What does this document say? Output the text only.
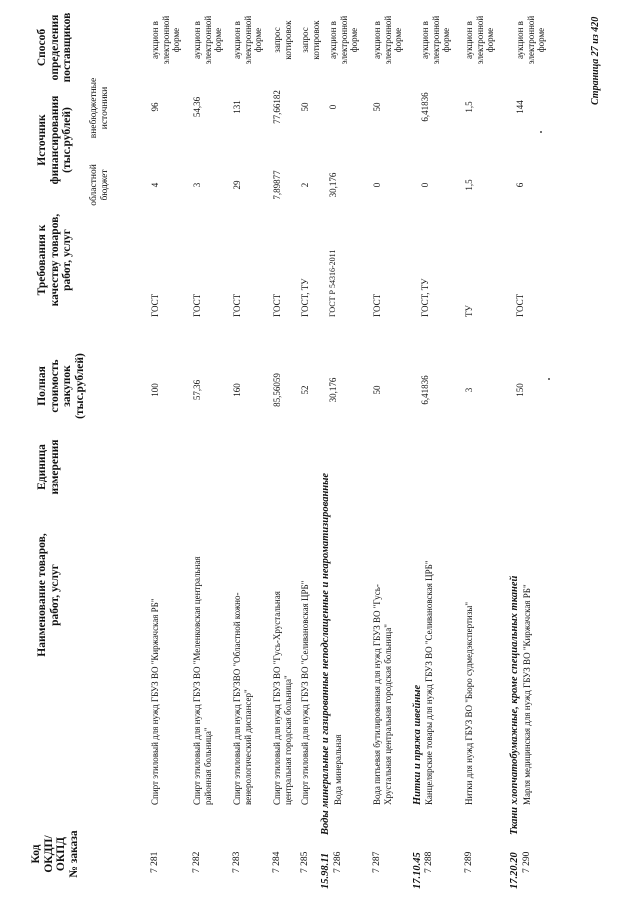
Код ОКДП/ ОКПД № заказа
Наименование товаров, работ, услуг
Единица измерения
Полная стоимость закупок (тыс.рублей)
Требования к качеству товаров, работ, услуг
Источник финансирования (тыс.рублей)
областной бюджет
внебюджетные источники
Способ определения поставщиков
7 281
Спирт этиловый для нужд ГБУЗ ВО "Киржачская РБ"
100
ГОСТ
4
96
аукцион в электронной форме
7 282
Спирт этиловый для нужд ГБУЗ ВО "Меленковская центральная районная больница"
57,36
ГОСТ
3
54,36
аукцион в электронной форме
7 283
Спирт этиловый для нужд ГБУЗВО "Областной кожно- венерологический диспансер"
160
ГОСТ
29
131
аукцион в электронной форме
7 284
Спирт этиловый для нужд ГБУЗ ВО "Гусь-Хрустальная центральная городская больница"
85,56059
ГОСТ
7,89877
77,66182
запрос котировок
7 285
Спирт этиловый для нужд ГБУЗ ВО "Селивановская ЦРБ"
52
ГОСТ, ТУ
2
50
запрос котировок
15.98.11
Воды минеральные и газированные неподслащенные и неароматизированные
7 286
Вода минеральная
30,176
ГОСТ Р 54316-2011
30,176
0
аукцион в электронной форме
7 287
Вода питьевая бутилированная для нужд ГБУЗ ВО "Гусь- Хрустальная центральная городская больница"
50
ГОСТ
0
50
аукцион в электронной форме
17.10.45
Нитки и пряжа швейные
7 288
Канцелярские товары для нужд ГБУЗ ВО "Селивановская ЦРБ"
6,41836
ГОСТ, ТУ
0
6,41836
аукцион в электронной форме
7 289
Нитки для нужд ГБУЗ ВО "Бюро судмедэкспертизы"
3
ТУ
1,5
1,5
аукцион в электронной форме
17.20.20
Ткани хлопчатобумажные, кроме специальных тканей
7 290
Марля медицинская для нужд ГБУЗ ВО "Киржачская РБ"
150
ГОСТ
6
144
аукцион в электронной форме	Страница 27 из 420
